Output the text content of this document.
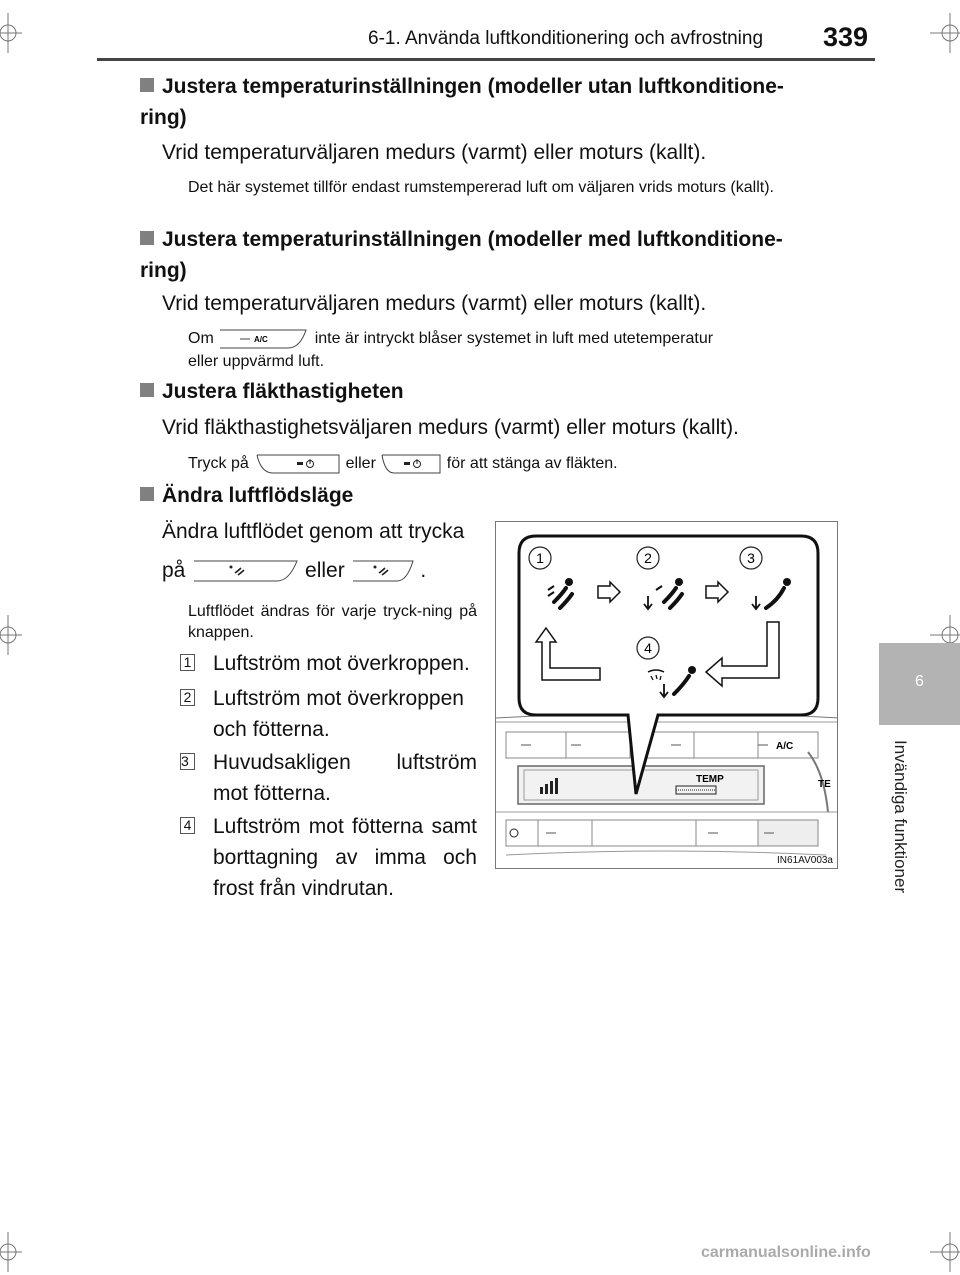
6-1. Använda luftkonditionering och avfrostning 339
6
Invändiga funktioner
Justera temperaturinställningen (modeller utan luftkonditione-
ring)
Vrid temperaturväljaren medurs (varmt) eller moturs (kallt).
Det här systemet tillför endast rumstempererad luft om väljaren vrids moturs (kallt).
Justera temperaturinställningen (modeller med luftkonditione-
ring)
Vrid temperaturväljaren medurs (varmt) eller moturs (kallt).
Om	A/C	inte är intryckt blåser systemet in luft med utetemperatur
eller uppvärmd luft.
Justera fläkthastigheten
Vrid fläkthastighetsväljaren medurs (varmt) eller moturs (kallt).
Tryck på	eller	för att stänga av fläkten.
Ändra luftflödsläge
Ändra luftflödet genom att trycka
på	eller	.
Luftflödet ändras för varje tryck-ning på knappen.
1 Luftström mot överkroppen.
2 Luftström mot överkroppen och fötterna.
3 Huvudsakligen luftström mot fötterna.
4 Luftström mot fötterna samt borttagning av imma och frost från vindrutan.
A/C
TEMP	TE
1	2	3
4
IN61AV003a
carmanualsonline.info
